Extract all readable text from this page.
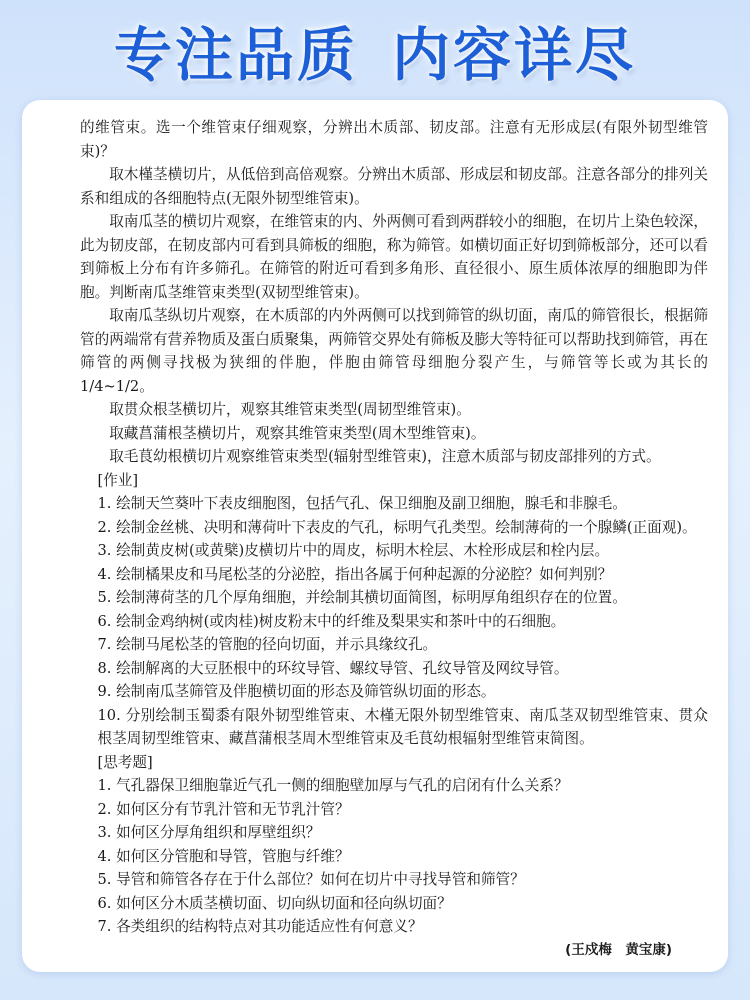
专注品质 内容详尽

的维管束。选一个维管束仔细观察，分辨出木质部、韧皮部。注意有无形成层(有限外韧型维管束)？

取木槿茎横切片，从低倍到高倍观察。分辨出木质部、形成层和韧皮部。注意各部分的排列关系和组成的各细胞特点(无限外韧型维管束)。

取南瓜茎的横切片观察，在维管束的内、外两侧可看到两群较小的细胞，在切片上染色较深，此为韧皮部，在韧皮部内可看到具筛板的细胞，称为筛管。如横切面正好切到筛板部分，还可以看到筛板上分布有许多筛孔。在筛管的附近可看到多角形、直径很小、原生质体浓厚的细胞即为伴胞。判断南瓜茎维管束类型(双韧型维管束)。

取南瓜茎纵切片观察，在木质部的内外两侧可以找到筛管的纵切面，南瓜的筛管很长，根据筛管的两端常有营养物质及蛋白质聚集，两筛管交界处有筛板及膨大等特征可以帮助找到筛管，再在筛管的两侧寻找极为狭细的伴胞，伴胞由筛管母细胞分裂产生，与筛管等长或为其长的 1/4~1/2。

取贯众根茎横切片，观察其维管束类型(周韧型维管束)。

取藏菖蒲根茎横切片，观察其维管束类型(周木型维管束)。

取毛茛幼根横切片观察维管束类型(辐射型维管束)，注意木质部与韧皮部排列的方式。

[作业]

1. 绘制天竺葵叶下表皮细胞图，包括气孔、保卫细胞及副卫细胞，腺毛和非腺毛。

2. 绘制金丝桃、决明和薄荷叶下表皮的气孔，标明气孔类型。绘制薄荷的一个腺鳞(正面观)。

3. 绘制黄皮树(或黄檗)皮横切片中的周皮，标明木栓层、木栓形成层和栓内层。

4. 绘制橘果皮和马尾松茎的分泌腔，指出各属于何种起源的分泌腔？如何判别？

5. 绘制薄荷茎的几个厚角细胞，并绘制其横切面简图，标明厚角组织存在的位置。

6. 绘制金鸡纳树(或肉桂)树皮粉末中的纤维及梨果实和茶叶中的石细胞。

7. 绘制马尾松茎的管胞的径向切面，并示具缘纹孔。

8. 绘制解离的大豆胚根中的环纹导管、螺纹导管、孔纹导管及网纹导管。

9. 绘制南瓜茎筛管及伴胞横切面的形态及筛管纵切面的形态。

10. 分别绘制玉蜀黍有限外韧型维管束、木槿无限外韧型维管束、南瓜茎双韧型维管束、贯众根茎周韧型维管束、藏菖蒲根茎周木型维管束及毛茛幼根辐射型维管束简图。

[思考题]

1. 气孔器保卫细胞靠近气孔一侧的细胞壁加厚与气孔的启闭有什么关系？

2. 如何区分有节乳汁管和无节乳汁管？

3. 如何区分厚角组织和厚壁组织？

4. 如何区分管胞和导管，管胞与纤维？

5. 导管和筛管各存在于什么部位？如何在切片中寻找导管和筛管？

6. 如何区分木质茎横切面、切向纵切面和径向纵切面？

7. 各类组织的结构特点对其功能适应性有何意义？

(王戍梅　黄宝康)
